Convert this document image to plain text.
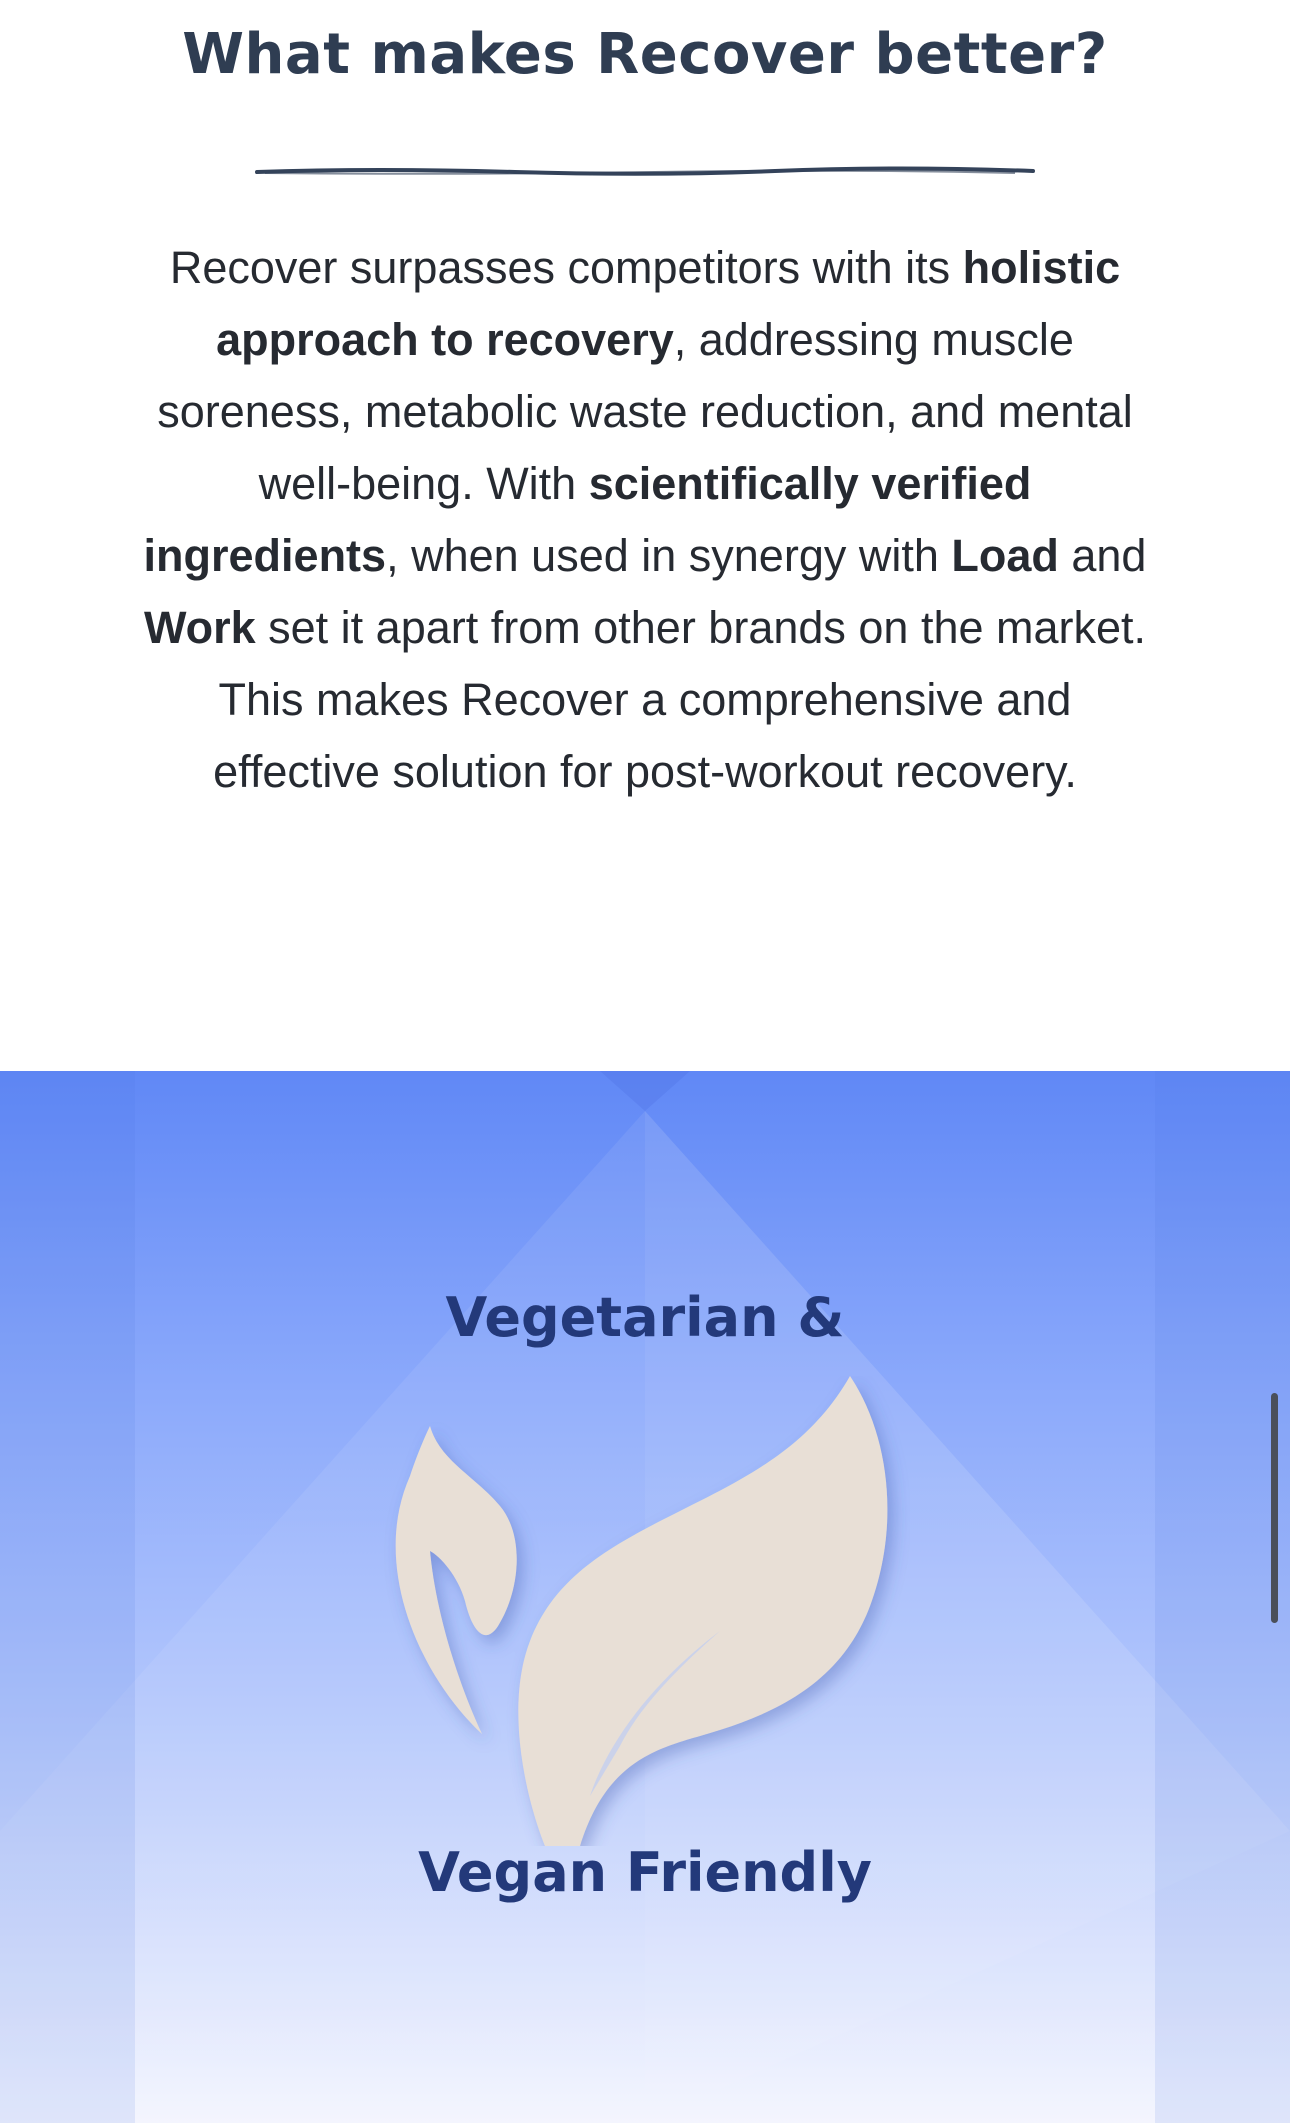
What makes Recover better?

Recover surpasses competitors with its holistic approach to recovery, addressing muscle soreness, metabolic waste reduction, and mental well-being. With scientifically verified ingredients, when used in synergy with Load and Work set it apart from other brands on the market. This makes Recover a comprehensive and effective solution for post-workout recovery.

Vegetarian &
Vegan Friendly
